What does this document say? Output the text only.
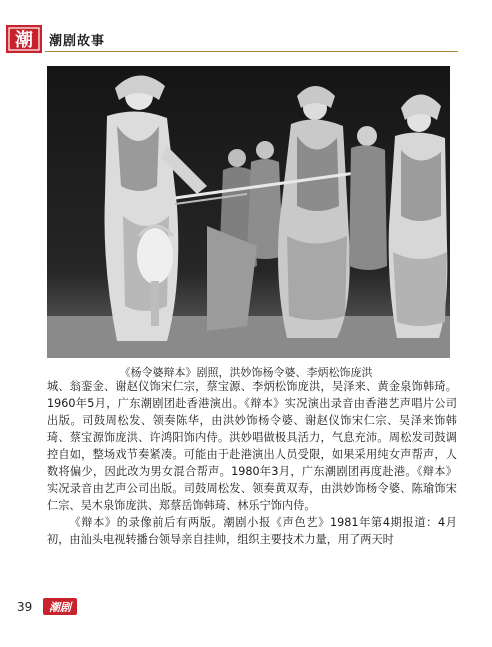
潮 潮剧故事
《杨令婆辩本》剧照，洪妙饰杨令婆、李炳松饰庞洪

城、翁銮金、谢赵仪饰宋仁宗，蔡宝源、李炳松饰庞洪，吴泽来、黄金泉饰韩琦。1960年5月，广东潮剧团赴香港演出。《辩本》实况演出录音由香港艺声唱片公司出版。司鼓周松发、领奏陈华，由洪妙饰杨令婆、谢赵仪饰宋仁宗、吴泽来饰韩琦、蔡宝源饰庞洪、许鸿阳饰内侍。洪妙唱做极具活力，气息充沛。周松发司鼓调控自如，整场戏节奏紧凑。可能由于赴港演出人员受限，如果采用纯女声帮声，人数将偏少，因此改为男女混合帮声。1980年3月，广东潮剧团再度赴港。《辩本》实况录音由艺声公司出版。司鼓周松发、领奏黄双寿，由洪妙饰杨令婆、陈瑜饰宋仁宗、吴木泉饰庞洪、郑蔡岳饰韩琦、林乐宁饰内侍。

《辩本》的录像前后有两版。潮剧小报《声色艺》1981年第4期报道：4月初，由汕头电视转播台领导亲自挂帅，组织主要技术力量，用了两天时

39 潮剧
